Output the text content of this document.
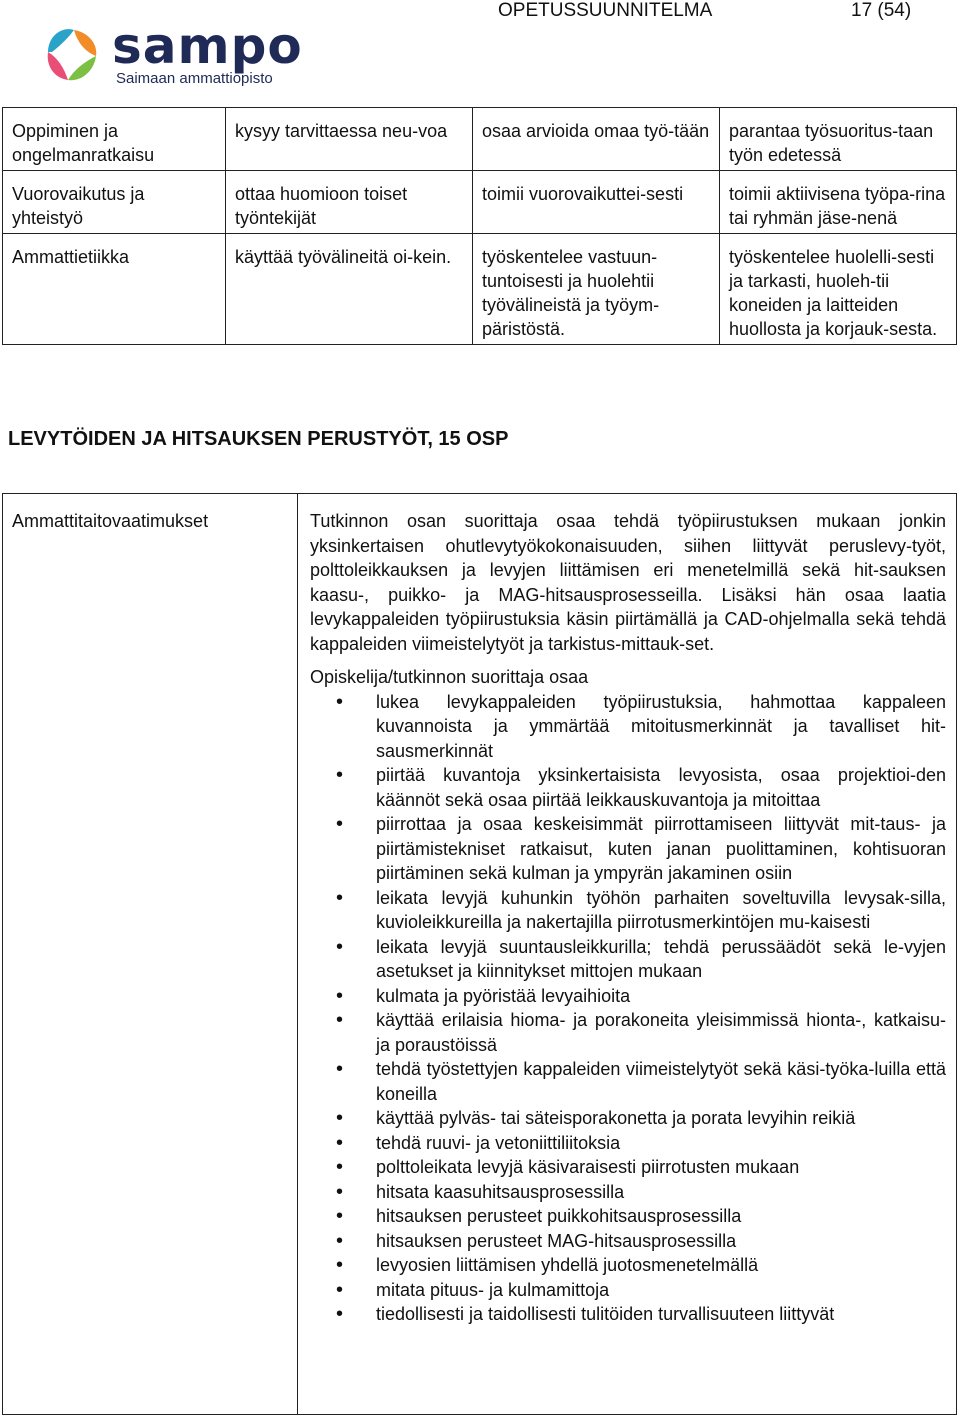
OPETUSSUUNNITELMA	17 (54)
sampo
Saimaan ammattiopisto
Oppiminen ja ongelmanratkaisu	kysyy tarvittaessa neu-voa	osaa arvioida omaa työ-tään	parantaa työsuoritus-taan työn edetessä
Vuorovaikutus ja yhteistyö	ottaa huomioon toiset työntekijät	toimii vuorovaikuttei-sesti	toimii aktiivisena työpa-rina tai ryhmän jäse-nenä
Ammattietiikka	käyttää työvälineitä oi-kein.	työskentelee vastuun-tuntoisesti ja huolehtii työvälineistä ja työym-päristöstä.	työskentelee huolelli-sesti ja tarkasti, huoleh-tii koneiden ja laitteiden huollosta ja korjauk-sesta.
LEVYTÖIDEN JA HITSAUKSEN PERUSTYÖT, 15 OSP
Ammattitaitovaatimukset	Tutkinnon osan suorittaja osaa tehdä työpiirustuksen mukaan jonkin yksinkertaisen ohutlevytyökokonaisuuden, siihen liittyvät peruslevy-työt, polttoleikkauksen ja levyjen liittämisen eri menetelmillä sekä hit-sauksen kaasu-, puikko- ja MAG-hitsausprosesseilla. Lisäksi hän osaa laatia levykappaleiden työpiirustuksia käsin piirtämällä ja CAD-ohjelmalla sekä tehdä kappaleiden viimeistelytyöt ja tarkistus-mittauk-set.

Opiskelija/tutkinnon suorittaja osaa

• lukea levykappaleiden työpiirustuksia, hahmottaa kappaleen kuvannoista ja ymmärtää mitoitusmerkinnät ja tavalliset hit-sausmerkinnät
• piirtää kuvantoja yksinkertaisista levyosista, osaa projektioi-den käännöt sekä osaa piirtää leikkauskuvantoja ja mitoittaa
• piirrottaa ja osaa keskeisimmät piirrottamiseen liittyvät mit-taus- ja piirtämistekniset ratkaisut, kuten janan puolittaminen, kohtisuoran piirtäminen sekä kulman ja ympyrän jakaminen osiin
• leikata levyjä kuhunkin työhön parhaiten soveltuvilla levysak-silla, kuvioleikkureilla ja nakertajilla piirrotusmerkintöjen mu-kaisesti
• leikata levyjä suuntausleikkurilla; tehdä perussäädöt sekä le-vyjen asetukset ja kiinnitykset mittojen mukaan
• kulmata ja pyöristää levyaihioita
• käyttää erilaisia hioma- ja porakoneita yleisimmissä hionta-, katkaisu- ja poraustöissä
• tehdä työstettyjen kappaleiden viimeistelytyöt sekä käsi-työka-luilla että koneilla
• käyttää pylväs- tai säteisporakonetta ja porata levyihin reikiä
• tehdä ruuvi- ja vetoniittiliitoksia
• polttoleikata levyjä käsivaraisesti piirrotusten mukaan
• hitsata kaasuhitsausprosessilla
• hitsauksen perusteet puikkohitsausprosessilla
• hitsauksen perusteet MAG-hitsausprosessilla
• levyosien liittämisen yhdellä juotosmenetelmällä
• mitata pituus- ja kulmamittoja
• tiedollisesti ja taidollisesti tulitöiden turvallisuuteen liittyvät
